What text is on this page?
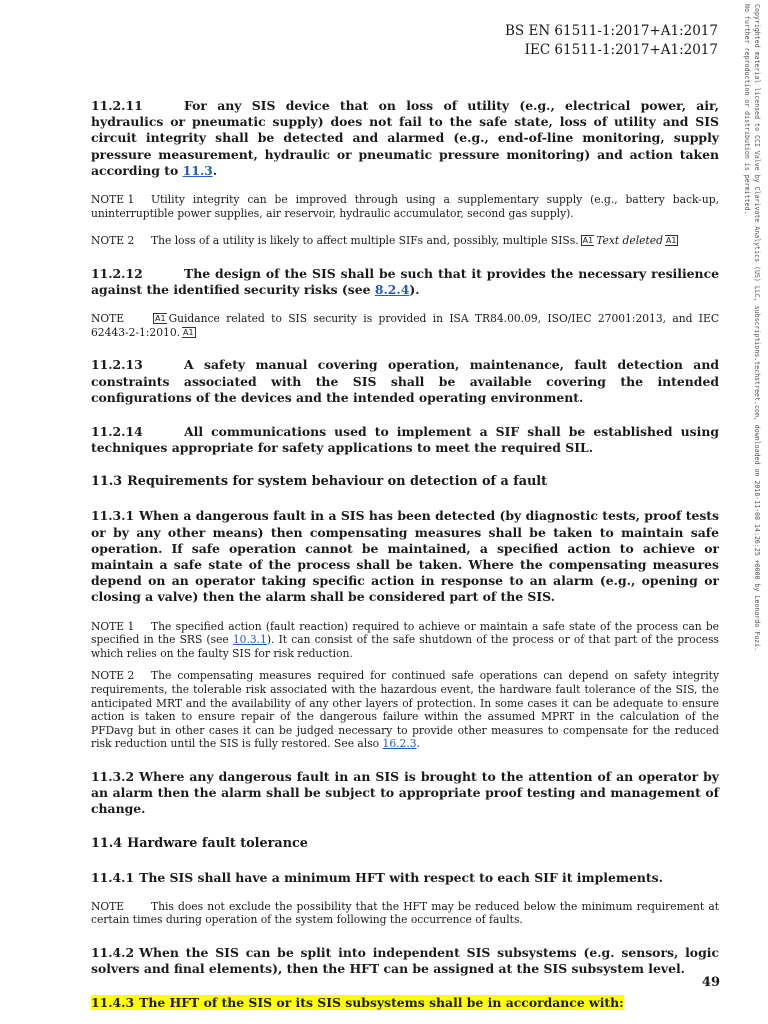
BS EN 61511-1:2017+A1:2017
IEC 61511-1:2017+A1:2017	Copyrighted material licensed to CCI Valve by Clarivate Analytics (US) LLC, subscriptions.techstreet.com, downloaded on 2018-11-08 14:26:25 +0000 by Leonardo Fuzi.
No further reproduction or distribution is permitted.

11.2.11	For any SIS device that on loss of utility (e.g., electrical power, air, hydraulics or pneumatic supply) does not fail to the safe state, loss of utility and SIS circuit integrity shall be detected and alarmed (e.g., end-of-line monitoring, supply pressure measurement, hydraulic or pneumatic pressure monitoring) and action taken according to 11.3.

NOTE 1 Utility integrity can be improved through using a supplementary supply (e.g., battery back-up, uninterruptible power supplies, air reservoir, hydraulic accumulator, second gas supply).

NOTE 2 The loss of a utility is likely to affect multiple SIFs and, possibly, multiple SISs. A1 Text deleted A1

11.2.12	The design of the SIS shall be such that it provides the necessary resilience against the identified security risks (see 8.2.4).

NOTE	A1 Guidance related to SIS security is provided in ISA TR84.00.09, ISO/IEC 27001:2013, and IEC 62443-2-1:2010. A1

11.2.13	A safety manual covering operation, maintenance, fault detection and constraints associated with the SIS shall be available covering the intended configurations of the devices and the intended operating environment.

11.2.14	All communications used to implement a SIF shall be established using techniques appropriate for safety applications to meet the required SIL.

11.3 Requirements for system behaviour on detection of a fault

11.3.1 When a dangerous fault in a SIS has been detected (by diagnostic tests, proof tests or by any other means) then compensating measures shall be taken to maintain safe operation. If safe operation cannot be maintained, a specified action to achieve or maintain a safe state of the process shall be taken. Where the compensating measures depend on an operator taking specific action in response to an alarm (e.g., opening or closing a valve) then the alarm shall be considered part of the SIS.

NOTE 1 The specified action (fault reaction) required to achieve or maintain a safe state of the process can be specified in the SRS (see 10.3.1). It can consist of the safe shutdown of the process or of that part of the process which relies on the faulty SIS for risk reduction.

NOTE 2 The compensating measures required for continued safe operations can depend on safety integrity requirements, the tolerable risk associated with the hazardous event, the hardware fault tolerance of the SIS, the anticipated MRT and the availability of any other layers of protection. In some cases it can be adequate to ensure action is taken to ensure repair of the dangerous failure within the assumed MPRT in the calculation of the PFDavg but in other cases it can be judged necessary to provide other measures to compensate for the reduced risk reduction until the SIS is fully restored. See also 16.2.3.

11.3.2 Where any dangerous fault in an SIS is brought to the attention of an operator by an alarm then the alarm shall be subject to appropriate proof testing and management of change.

11.4 Hardware fault tolerance

11.4.1 The SIS shall have a minimum HFT with respect to each SIF it implements.

NOTE	This does not exclude the possibility that the HFT may be reduced below the minimum requirement at certain times during operation of the system following the occurrence of faults.

11.4.2 When the SIS can be split into independent SIS subsystems (e.g. sensors, logic solvers and final elements), then the HFT can be assigned at the SIS subsystem level.

11.4.3 The HFT of the SIS or its SIS subsystems shall be in accordance with:

49
